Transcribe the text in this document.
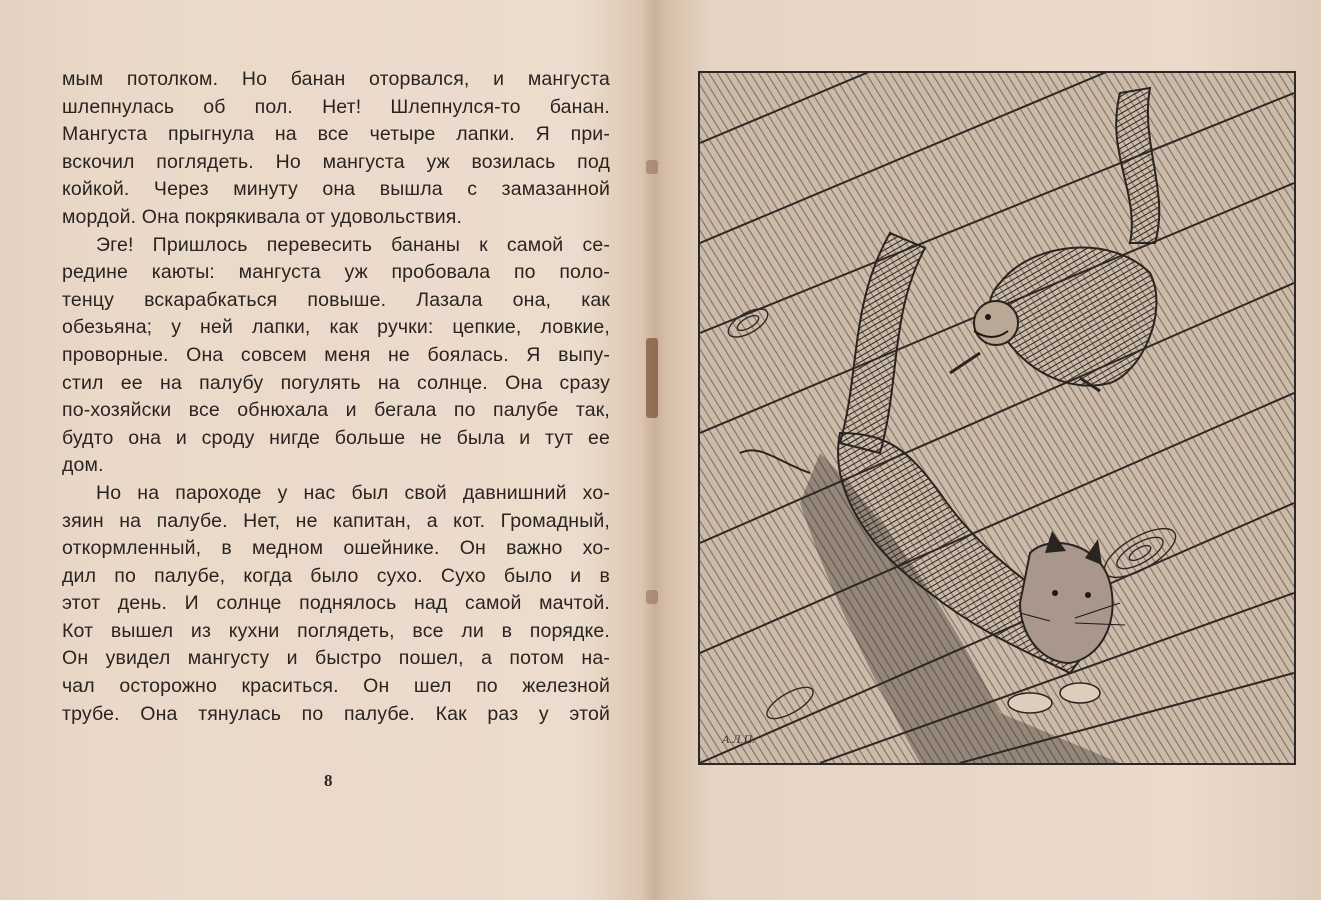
мым потолком. Но банан оторвался, и мангуста
шлепнулась об пол. Нет! Шлепнулся-то банан.
Мангуста прыгнула на все четыре лапки. Я при-
вскочил поглядеть. Но мангуста уж возилась под
койкой. Через минуту она вышла с замазанной
мордой. Она покрякивала от удовольствия.
Эге! Пришлось перевесить бананы к самой се-
редине каюты: мангуста уж пробовала по поло-
тенцу вскарабкаться повыше. Лазала она, как
обезьяна; у ней лапки, как ручки: цепкие, ловкие,
проворные. Она совсем меня не боялась. Я выпу-
стил ее на палубу погулять на солнце. Она сразу
по-хозяйски все обнюхала и бегала по палубе так,
будто она и сроду нигде больше не была и тут ее
дом.
Но на пароходе у нас был свой давнишний хо-
зяин на палубе. Нет, не капитан, а кот. Громадный,
откормленный, в медном ошейнике. Он важно хо-
дил по палубе, когда было сухо. Сухо было и в
этот день. И солнце поднялось над самой мачтой.
Кот вышел из кухни поглядеть, все ли в порядке.
Он увидел мангусту и быстро пошел, а потом на-
чал осторожно краситься. Он шел по железной
трубе. Она тянулась по палубе. Как раз у этой
8
А.Л.П.
